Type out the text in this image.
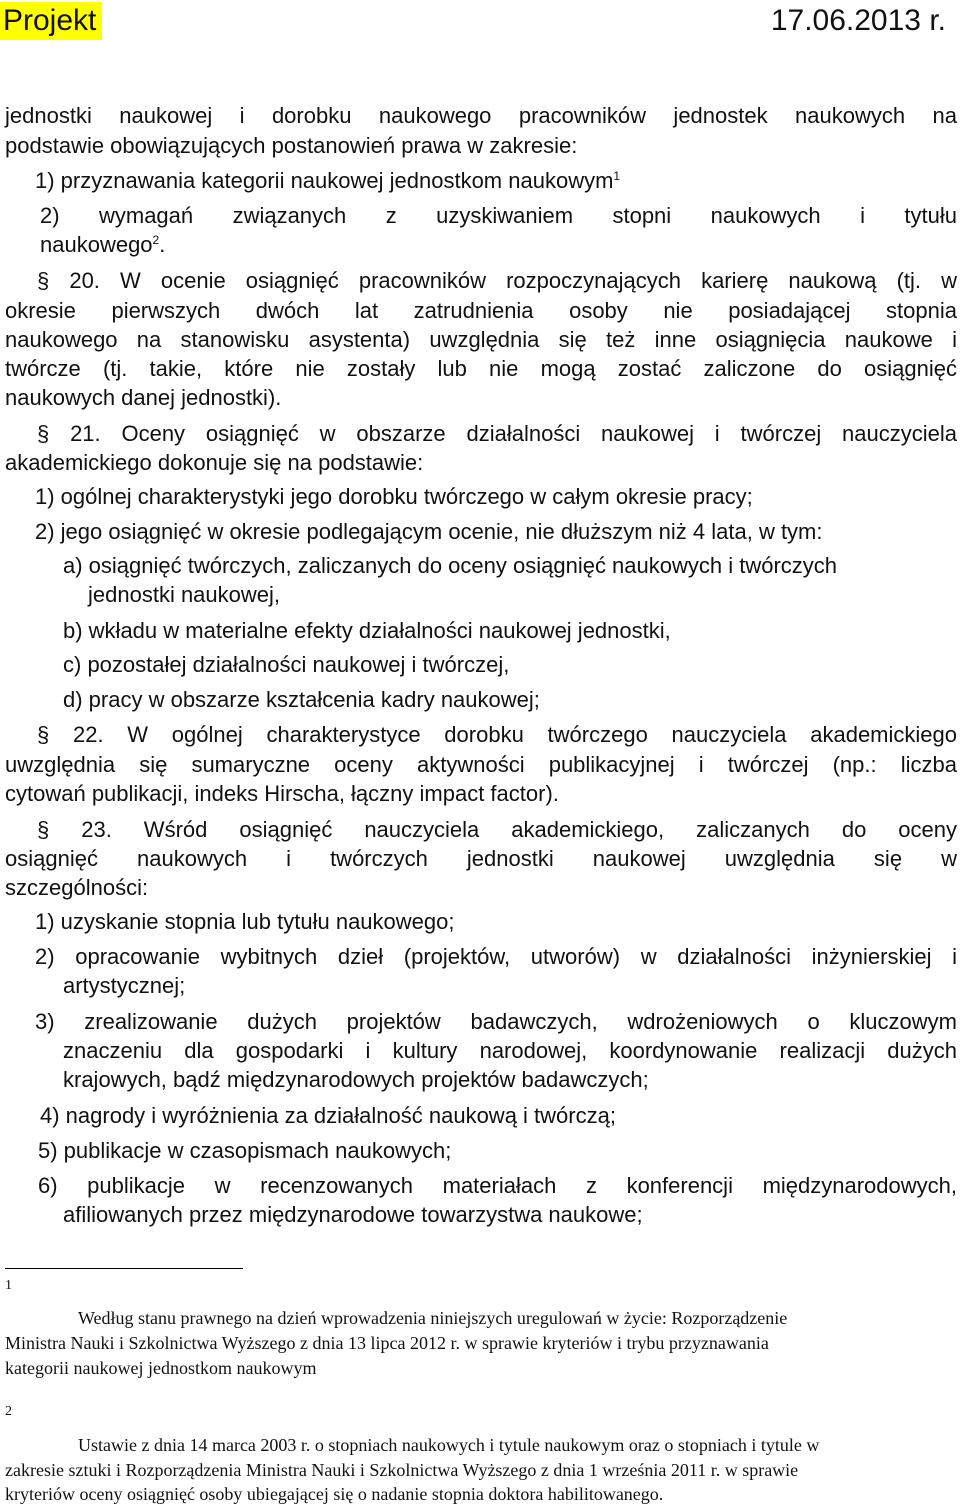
Projekt	17.06.2013 r.
jednostki naukowej i dorobku naukowego pracowników jednostek naukowych na
podstawie obowiązujących postanowień prawa w zakresie:
1) przyznawania kategorii naukowej jednostkom naukowym$^1$
2) wymagań związanych z uzyskiwaniem stopni naukowych i tytułu
naukowego$^2$.
§ 20. W ocenie osiągnięć pracowników rozpoczynających karierę naukową (tj. w
okresie pierwszych dwóch lat zatrudnienia osoby nie posiadającej stopnia
naukowego na stanowisku asystenta) uwzględnia się też inne osiągnięcia naukowe i
twórcze (tj. takie, które nie zostały lub nie mogą zostać zaliczone do osiągnięć
naukowych danej jednostki).
§ 21. Oceny osiągnięć w obszarze działalności naukowej i twórczej nauczyciela
akademickiego dokonuje się na podstawie:
1) ogólnej charakterystyki jego dorobku twórczego w całym okresie pracy;
2) jego osiągnięć w okresie podlegającym ocenie, nie dłuższym niż 4 lata, w tym:
a) osiągnięć twórczych, zaliczanych do oceny osiągnięć naukowych i twórczych
jednostki naukowej,
b) wkładu w materialne efekty działalności naukowej jednostki,
c) pozostałej działalności naukowej i twórczej,
d) pracy w obszarze kształcenia kadry naukowej;
§ 22. W ogólnej charakterystyce dorobku twórczego nauczyciela akademickiego
uwzględnia się sumaryczne oceny aktywności publikacyjnej i twórczej (np.: liczba
cytowań publikacji, indeks Hirscha, łączny impact factor).
§ 23. Wśród osiągnięć nauczyciela akademickiego, zaliczanych do oceny
osiągnięć naukowych i twórczych jednostki naukowej uwzględnia się w
szczególności:
1) uzyskanie stopnia lub tytułu naukowego;
2) opracowanie wybitnych dzieł (projektów, utworów) w działalności inżynierskiej i
artystycznej;
3) zrealizowanie dużych projektów badawczych, wdrożeniowych o kluczowym
znaczeniu dla gospodarki i kultury narodowej, koordynowanie realizacji dużych
krajowych, bądź międzynarodowych projektów badawczych;
4) nagrody i wyróżnienia za działalność naukową i twórczą;
5) publikacje w czasopismach naukowych;
6) publikacje w recenzowanych materiałach z konferencji międzynarodowych,
afiliowanych przez międzynarodowe towarzystwa naukowe;
1
Według stanu prawnego na dzień wprowadzenia niniejszych uregulowań w życie: Rozporządzenie
Ministra Nauki i Szkolnictwa Wyższego z dnia 13 lipca 2012 r. w sprawie kryteriów i trybu przyznawania
kategorii naukowej jednostkom naukowym
2
Ustawie z dnia 14 marca 2003 r. o stopniach naukowych i tytule naukowym oraz o stopniach i tytule w
zakresie sztuki i Rozporządzenia Ministra Nauki i Szkolnictwa Wyższego z dnia 1 września 2011 r. w sprawie
kryteriów oceny osiągnięć osoby ubiegającej się o nadanie stopnia doktora habilitowanego.
